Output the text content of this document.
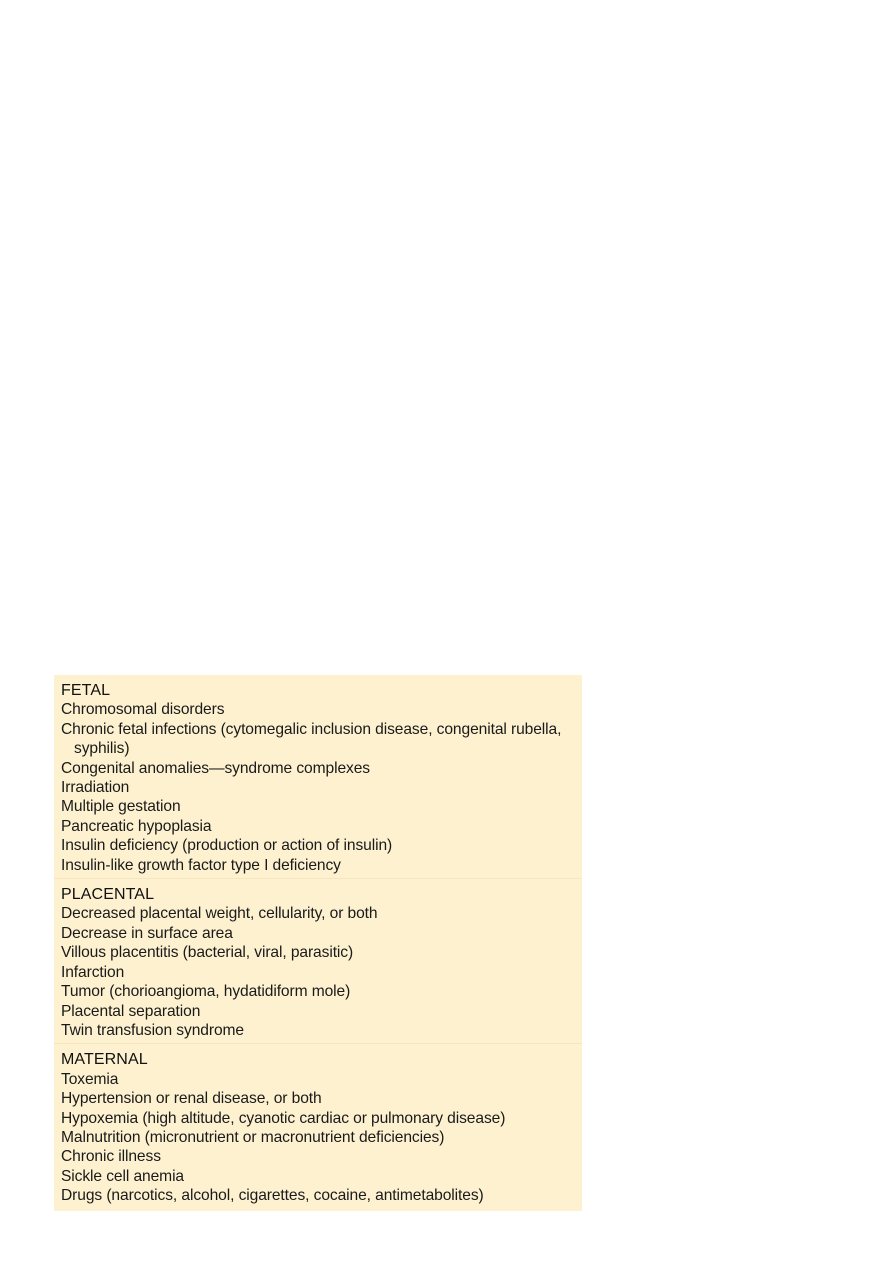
FETAL
Chromosomal disorders
Chronic fetal infections (cytomegalic inclusion disease, congenital rubella, syphilis)
Congenital anomalies—syndrome complexes
Irradiation
Multiple gestation
Pancreatic hypoplasia
Insulin deficiency (production or action of insulin)
Insulin-like growth factor type I deficiency
PLACENTAL
Decreased placental weight, cellularity, or both
Decrease in surface area
Villous placentitis (bacterial, viral, parasitic)
Infarction
Tumor (chorioangioma, hydatidiform mole)
Placental separation
Twin transfusion syndrome
MATERNAL
Toxemia
Hypertension or renal disease, or both
Hypoxemia (high altitude, cyanotic cardiac or pulmonary disease)
Malnutrition (micronutrient or macronutrient deficiencies)
Chronic illness
Sickle cell anemia
Drugs (narcotics, alcohol, cigarettes, cocaine, antimetabolites)
